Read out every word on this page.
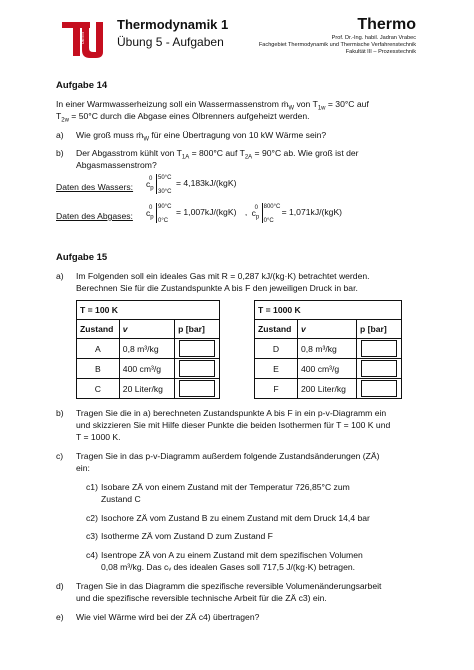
berlin
Thermodynamik 1
Übung 5 - Aufgaben
Thermo
Prof. Dr.-Ing. habil. Jadran Vrabec
Fachgebiet Thermodynamik und Thermische Verfahrenstechnik
Fakultät III – Prozesstechnik
Aufgabe 14
In einer Warmwasserheizung soll ein Wassermassenstrom ṁ$_W$ von $T_{1w} = 30^\circ C$ auf
$T_{2w} = 50^\circ C$ durch die Abgase eines Ölbrenners aufgeheizt werden.
a) Wie groß muss ṁ$_W$ für eine Übertragung von 10 kW Wärme sein?
b) Der Abgasstrom kühlt von $T_{1A} = 800^\circ C$ auf $T_{2A} = 90^\circ C$ ab. Wie groß ist der
Abgasmassenstrom?
Daten des Wassers: $c_p$
0 50°C
30°C
= 4,183kJ/(kgK)
Daten des Abgases: $c_p$
0 90°C
0°C
= 1,007kJ/(kgK) , $c_p$
0 800°C
0°C
= 1,071kJ/(kgK)
Aufgabe 15
a) Im Folgenden soll ein ideales Gas mit R = 0,287 kJ/(kg·K) betrachtet werden.
Berechnen Sie für die Zustandspunkte A bis F den jeweiligen Druck in bar.
T = 100 K		
Zustand	v	p [bar]
A	0,8 m³/kg	

B	400 cm³/g	

C	20 Liter/kg	
T = 1000 K		
Zustand	v	p [bar]
D	0,8 m³/kg	

E	400 cm³/g	

F	200 Liter/kg	
b) Tragen Sie die in a) berechneten Zustandspunkte A bis F in ein p-v-Diagramm ein
und skizzieren Sie mit Hilfe dieser Punkte die beiden Isothermen für T = 100 K und
T = 1000 K.
c) Tragen Sie in das p-v-Diagramm außerdem folgende Zustandsänderungen (ZÄ)
ein:
c1) Isobare ZÄ von einem Zustand mit der Temperatur 726,85°C zum
Zustand C
c2) Isochore ZÄ vom Zustand B zu einem Zustand mit dem Druck 14,4 bar
c3) Isotherme ZÄ vom Zustand D zum Zustand F
c4) Isentrope ZÄ von A zu einem Zustand mit dem spezifischen Volumen
0,08 m³/kg. Das cᵥ des idealen Gases soll 717,5 J/(kg·K) betragen.
d) Tragen Sie in das Diagramm die spezifische reversible Volumenänderungsarbeit
und die spezifische reversible technische Arbeit für die ZÄ c3) ein.
e) Wie viel Wärme wird bei der ZÄ c4) übertragen?
